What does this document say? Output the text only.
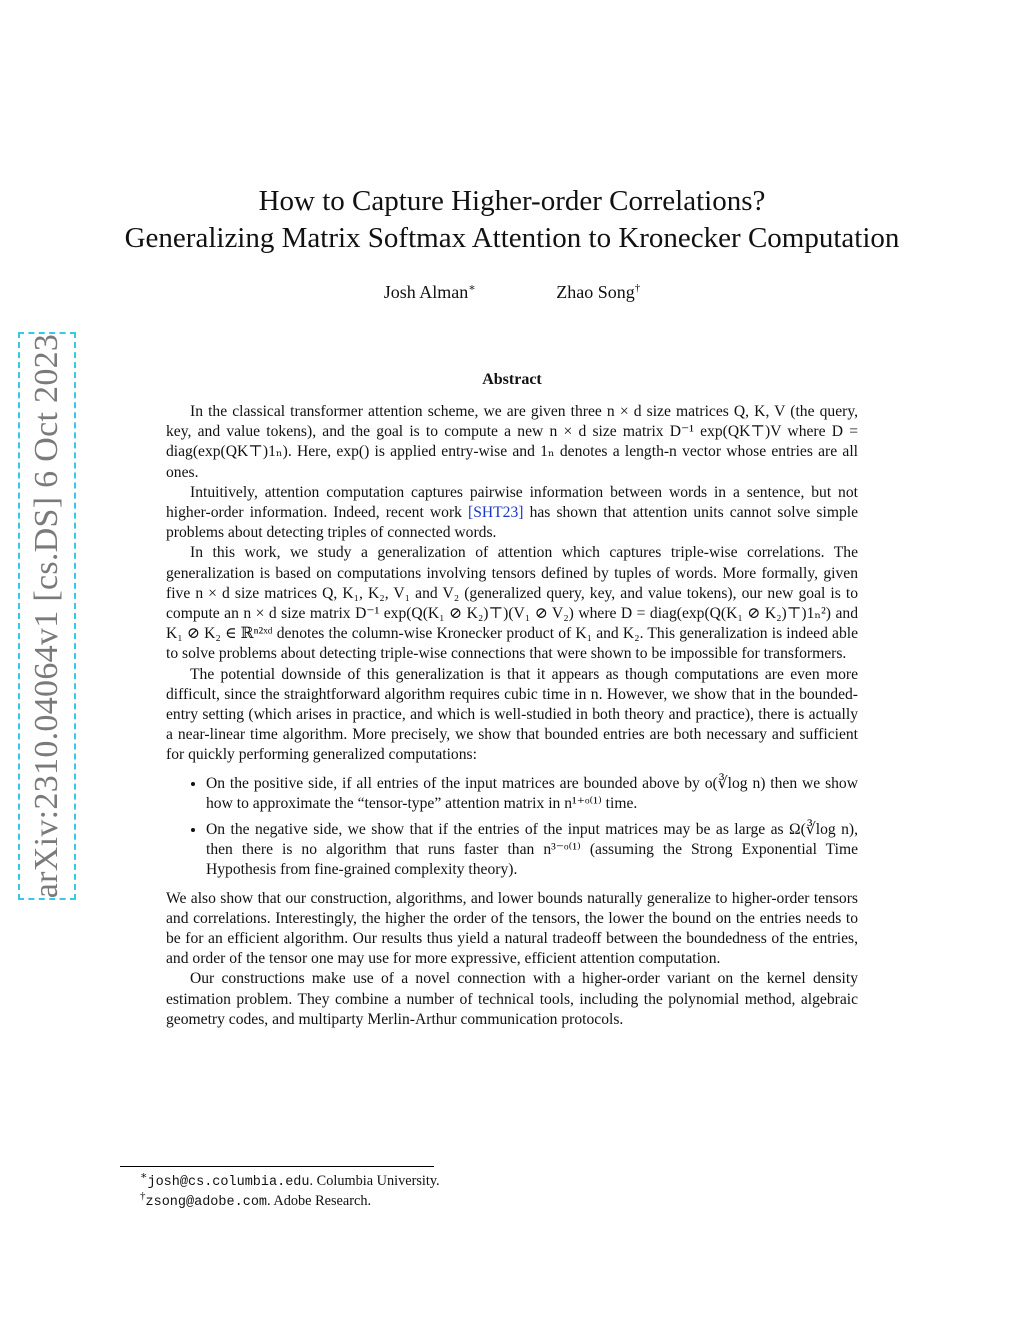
arXiv:2310.04064v1 [cs.DS] 6 Oct 2023
How to Capture Higher-order Correlations?
Generalizing Matrix Softmax Attention to Kronecker Computation
Josh Alman∗	Zhao Song†
Abstract

In the classical transformer attention scheme, we are given three n × d size matrices Q, K, V (the query, key, and value tokens), and the goal is to compute a new n × d size matrix D⁻¹ exp(QK⊤)V where D = diag(exp(QK⊤)1ₙ). Here, exp() is applied entry-wise and 1ₙ denotes a length-n vector whose entries are all ones.

Intuitively, attention computation captures pairwise information between words in a sentence, but not higher-order information. Indeed, recent work [SHT23] has shown that attention units cannot solve simple problems about detecting triples of connected words.

In this work, we study a generalization of attention which captures triple-wise correlations. The generalization is based on computations involving tensors defined by tuples of words. More formally, given five n × d size matrices Q, K₁, K₂, V₁ and V₂ (generalized query, key, and value tokens), our new goal is to compute an n × d size matrix D⁻¹ exp(Q(K₁ ⊘ K₂)⊤)(V₁ ⊘ V₂) where D = diag(exp(Q(K₁ ⊘ K₂)⊤)1ₙ²) and K₁ ⊘ K₂ ∈ ℝⁿ²ˣᵈ denotes the column-wise Kronecker product of K₁ and K₂. This generalization is indeed able to solve problems about detecting triple-wise connections that were shown to be impossible for transformers.

The potential downside of this generalization is that it appears as though computations are even more difficult, since the straightforward algorithm requires cubic time in n. However, we show that in the bounded-entry setting (which arises in practice, and which is well-studied in both theory and practice), there is actually a near-linear time algorithm. More precisely, we show that bounded entries are both necessary and sufficient for quickly performing generalized computations:

• On the positive side, if all entries of the input matrices are bounded above by o(∛log n) then we show how to approximate the “tensor-type” attention matrix in n¹⁺ᵒ⁽¹⁾ time.
• On the negative side, we show that if the entries of the input matrices may be as large as Ω(∛log n), then there is no algorithm that runs faster than n³⁻ᵒ⁽¹⁾ (assuming the Strong Exponential Time Hypothesis from fine-grained complexity theory).

We also show that our construction, algorithms, and lower bounds naturally generalize to higher-order tensors and correlations. Interestingly, the higher the order of the tensors, the lower the bound on the entries needs to be for an efficient algorithm. Our results thus yield a natural tradeoff between the boundedness of the entries, and order of the tensor one may use for more expressive, efficient attention computation.

Our constructions make use of a novel connection with a higher-order variant on the kernel density estimation problem. They combine a number of technical tools, including the polynomial method, algebraic geometry codes, and multiparty Merlin-Arthur communication protocols.

∗josh@cs.columbia.edu. Columbia University.
†zsong@adobe.com. Adobe Research.
